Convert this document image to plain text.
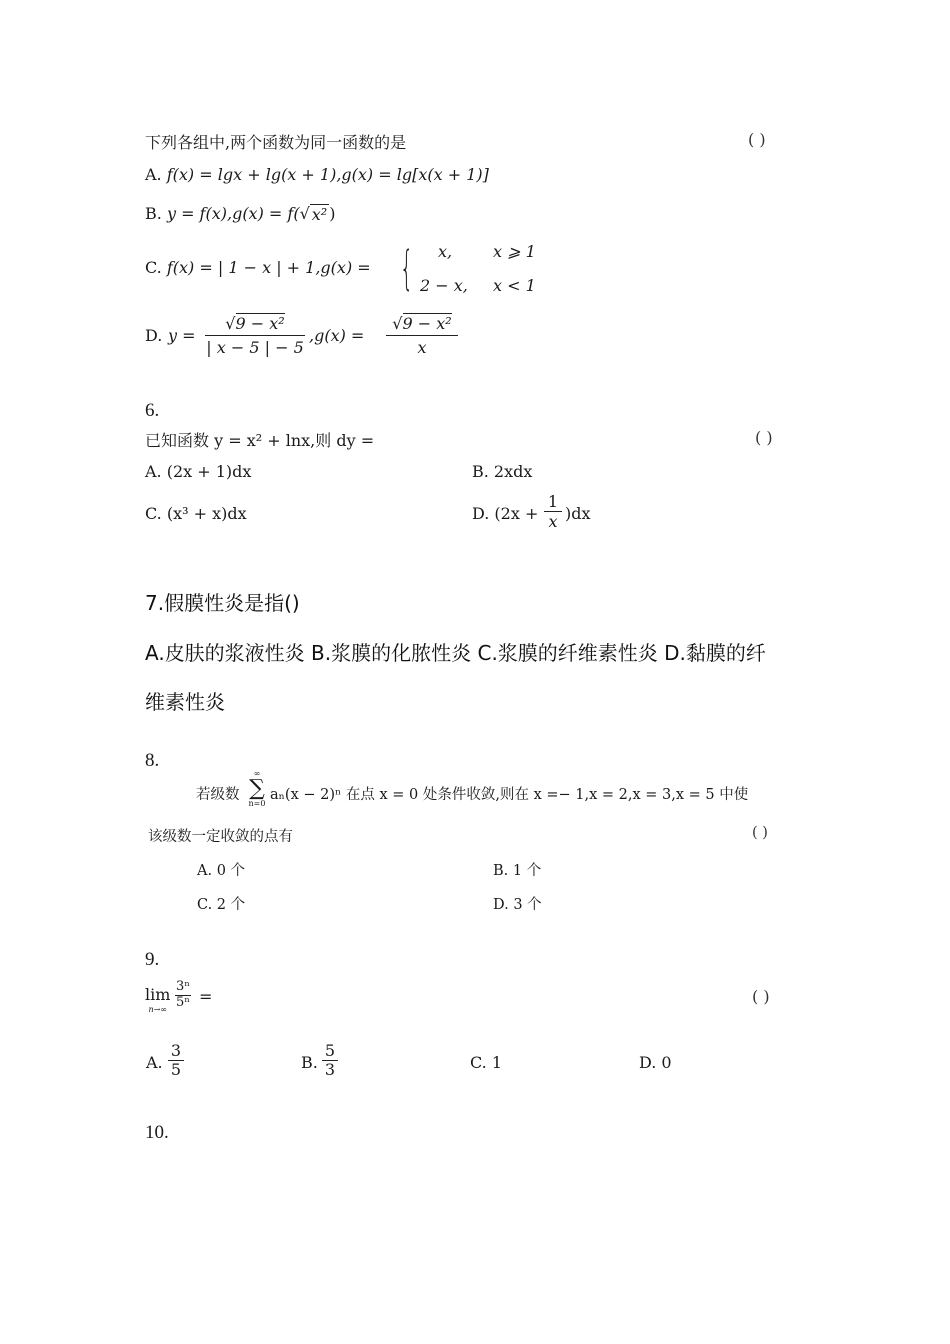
下列各组中,两个函数为同一函数的是	( )
A. f(x) = lgx + lg(x + 1),g(x) = lg[x(x + 1)]
B. y = f(x),g(x) = f(√ x² )
C. f(x) = | 1 − x | + 1,g(x) = { x,	x ⩾ 1
2 − x, x < 1
D. y =
√9 − x²
| x − 5 | − 5
,g(x) =
√9 − x²
x
6.
已知函数 y = x² + lnx,则 dy =	( )
A. (2x + 1)dx	B. 2xdx
C. (x³ + x)dx	D. $(2x + \frac{1}{x} )dx$
7.假膜性炎是指()
A.皮肤的浆液性炎 B.浆膜的化脓性炎 C.浆膜的纤维素性炎 D.黏膜的纤
维素性炎
8.
若级数
∞
∑
n=0
aₙ(x − 2)ⁿ 在点 x = 0 处条件收敛,则在 x =− 1,x = 2,x = 3,x = 5 中使
该级数一定收敛的点有	( )
A. 0 个	B. 1 个
C. 2 个	D. 3 个
9.
lim
$n\to\infty \frac{\text{3ⁿ}}{\text{5ⁿ}}$ =	( )
A. $\frac{3}{5}$	B. $\frac{5}{3}$	C. 1	D. 0
10.
